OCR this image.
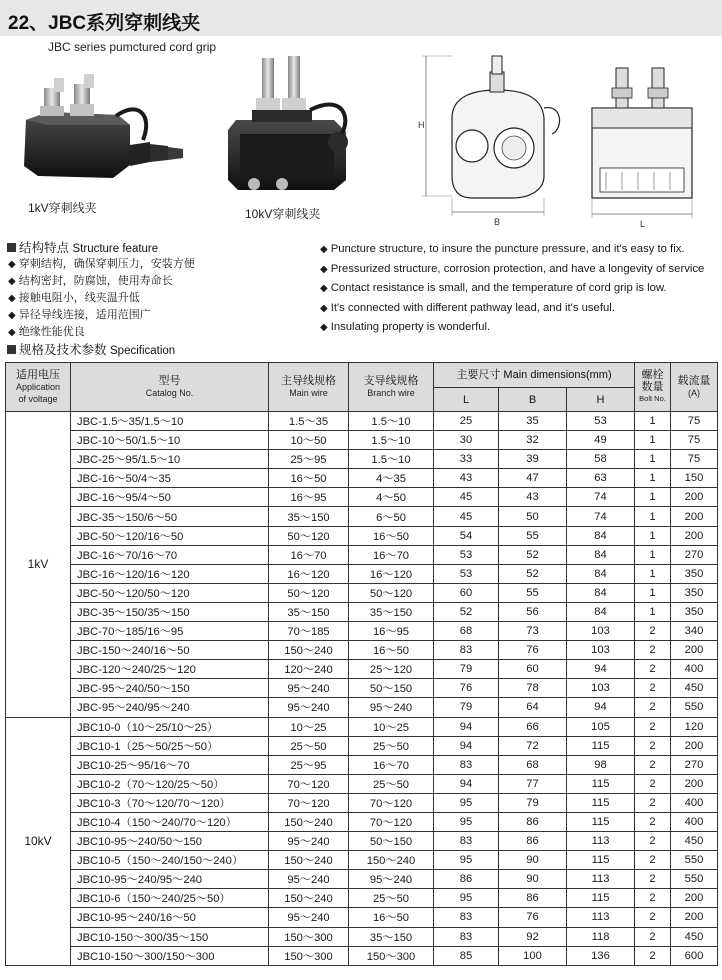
22、JBC系列穿刺线夹
JBC series pumctured cord grip
1kV穿刺线夹	10kV穿刺线夹
H
B	L
结构特点 Structure feature
◆ 穿刺结构，确保穿刺压力，安装方便
◆ 结构密封，防腐蚀，使用寿命长
◆ 接触电阻小，线夹温升低
◆ 异径导线连接，适用范围广
◆ 绝缘性能优良
◆ Puncture structure, to insure the puncture pressure, and it's easy to fix.
◆ Pressurized structure, corrosion protection, and have a longevity of service
◆ Contact resistance is small, and the temperature of cord grip is low.
◆ It's connected with different pathway lead, and it's useful.
◆ Insulating property is wonderful.
规格及技术参数 Specification
适用电压
Application
of voltage	型号
Catalog No.	主导线规格
Main wire	支导线规格
Branch wire	主要尺寸 Main dimensions(mm)			螺栓
数量
Bolt No.	载流量
(A)

				L	B	H		
1kV	JBC-1.5～35/1.5～10	1.5～35	1.5～10	25	35	53	1	75
	JBC-10～50/1.5～10	10～50	1.5～10	30	32	49	1	75
	JBC-25～95/1.5～10	25～95	1.5～10	33	39	58	1	75
	JBC-16～50/4～35	16～50	4～35	43	47	63	1	150
	JBC-16～95/4～50	16～95	4～50	45	43	74	1	200
	JBC-35～150/6～50	35～150	6～50	45	50	74	1	200
	JBC-50～120/16～50	50～120	16～50	54	55	84	1	200
	JBC-16～70/16～70	16～70	16～70	53	52	84	1	270
	JBC-16～120/16～120	16～120	16～120	53	52	84	1	350
	JBC-50～120/50～120	50～120	50～120	60	55	84	1	350
	JBC-35～150/35～150	35～150	35～150	52	56	84	1	350
	JBC-70～185/16～95	70～185	16～95	68	73	103	2	340
	JBC-150～240/16～50	150～240	16～50	83	76	103	2	200
	JBC-120～240/25～120	120～240	25～120	79	60	94	2	400
	JBC-95～240/50～150	95～240	50～150	76	78	103	2	450
	JBC-95～240/95～240	95～240	95～240	79	64	94	2	550
10kV	JBC10-0（10～25/10～25）	10～25	10～25	94	66	105	2	120
	JBC10-1（25～50/25～50）	25～50	25～50	94	72	115	2	200
	JBC10-25～95/16～70	25～95	16～70	83	68	98	2	270
	JBC10-2（70～120/25～50）	70～120	25～50	94	77	115	2	200
	JBC10-3（70～120/70～120）	70～120	70～120	95	79	115	2	400
	JBC10-4（150～240/70～120）	150～240	70～120	95	86	115	2	400
	JBC10-95～240/50～150	95～240	50～150	83	86	113	2	450
	JBC10-5（150～240/150～240）	150～240	150～240	95	90	115	2	550
	JBC10-95～240/95～240	95～240	95～240	86	90	113	2	550
	JBC10-6（150～240/25～50）	150～240	25～50	95	86	115	2	200
	JBC10-95～240/16～50	95～240	16～50	83	76	113	2	200
	JBC10-150～300/35～150	150～300	35～150	83	92	118	2	450
	JBC10-150～300/150～300	150～300	150～300	85	100	136	2	600
